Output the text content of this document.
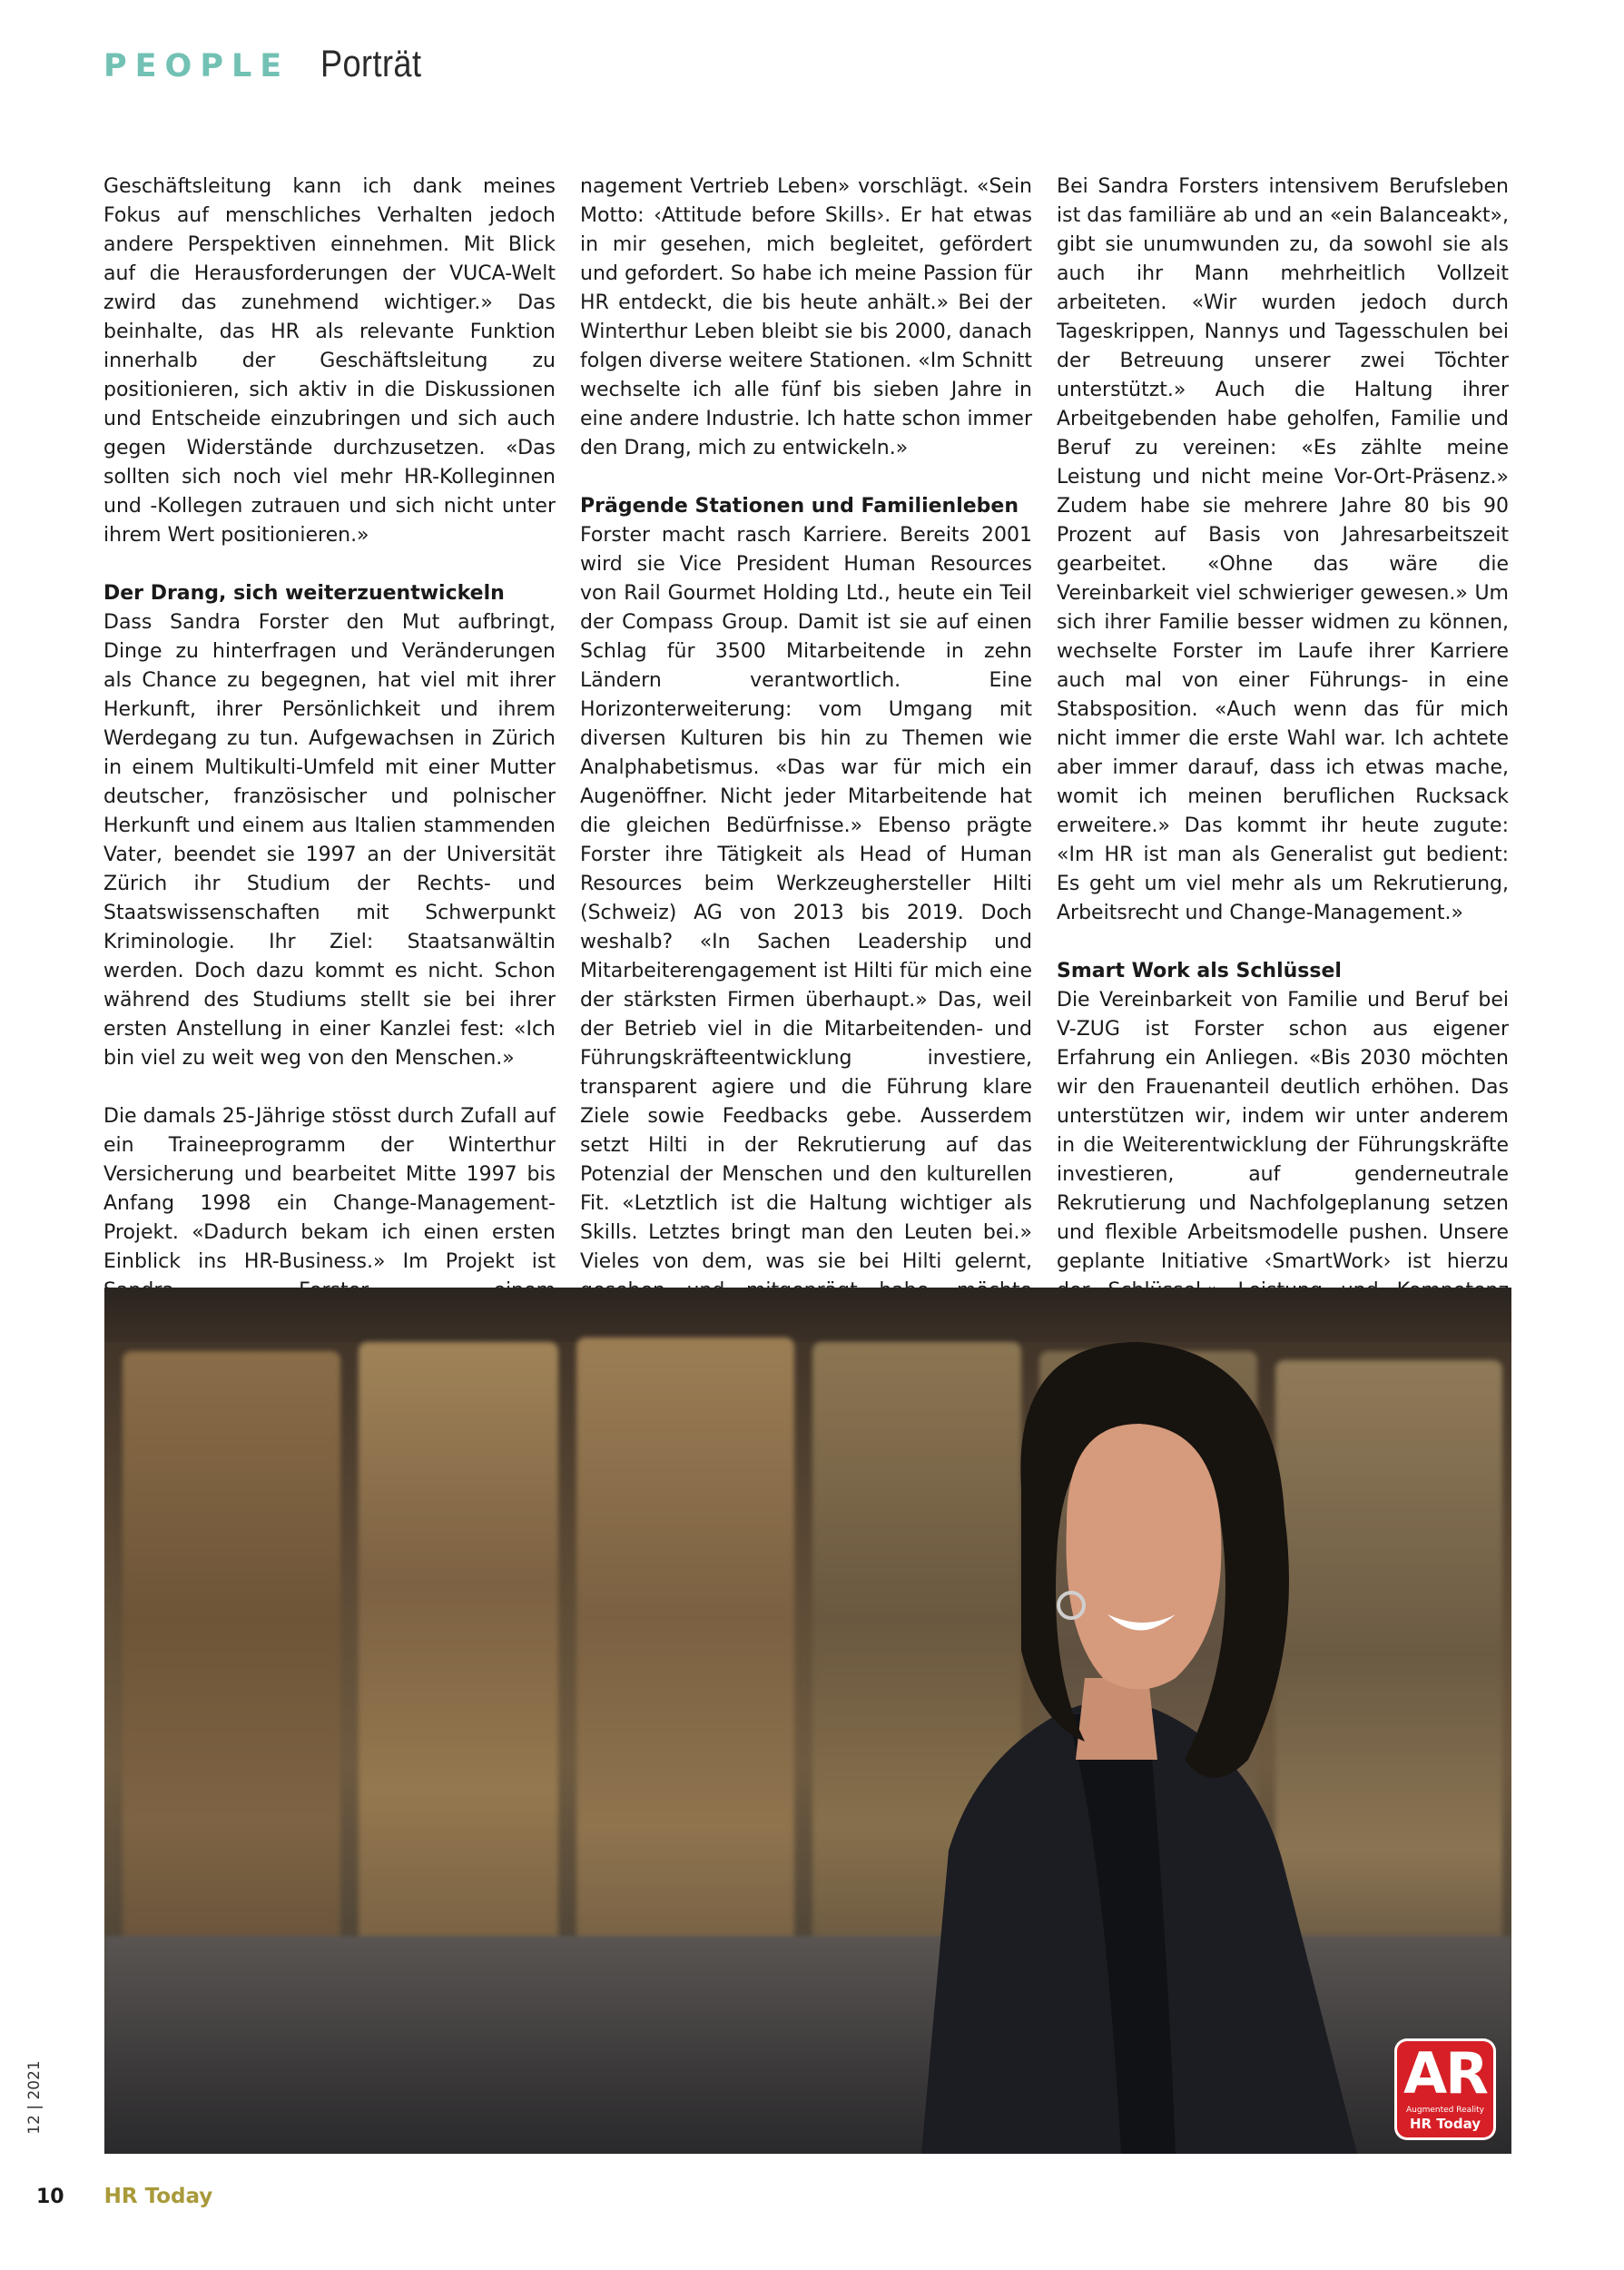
PEOPLE Porträt

Geschäftsleitung kann ich dank meines Fokus auf menschliches Verhalten jedoch andere Perspektiven einnehmen. Mit Blick auf die Herausforderungen der VUCA-Welt zwird das zunehmend wichtiger.» Das beinhalte, das HR als relevante Funktion innerhalb der Geschäftsleitung zu positionieren, sich aktiv in die Diskussionen und Entscheide einzubringen und sich auch gegen Widerstände durchzusetzen. «Das sollten sich noch viel mehr HR-Kolleginnen und -Kollegen zutrauen und sich nicht unter ihrem Wert positionieren.»

Der Drang, sich weiterzuentwickeln

Dass Sandra Forster den Mut aufbringt, Dinge zu hinterfragen und Veränderungen als Chance zu begegnen, hat viel mit ihrer Herkunft, ihrer Persönlichkeit und ihrem Werdegang zu tun. Aufgewachsen in Zürich in einem Multikulti-Umfeld mit einer Mutter deutscher, französischer und polnischer Herkunft und einem aus Italien stammenden Vater, beendet sie 1997 an der Universität Zürich ihr Studium der Rechts- und Staatswissenschaften mit Schwerpunkt Kriminologie. Ihr Ziel: Staatsanwältin werden. Doch dazu kommt es nicht. Schon während des Studiums stellt sie bei ihrer ersten Anstellung in einer Kanzlei fest: «Ich bin viel zu weit weg von den Menschen.»

Die damals 25-Jährige stösst durch Zufall auf ein Traineeprogramm der Winterthur Versicherung und bearbeitet Mitte 1997 bis Anfang 1998 ein Change-Management-Projekt. «Dadurch bekam ich einen ersten Einblick ins HR-Business.» Im Projekt ist

nagement Vertrieb Leben» vorschlägt. «Sein Motto: ‹Attitude before Skills›. Er hat etwas in mir gesehen, mich begleitet, gefördert und gefordert. So habe ich meine Passion für HR entdeckt, die bis heute anhält.» Bei der Winterthur Leben bleibt sie bis 2000, danach folgen diverse weitere Stationen. «Im Schnitt wechselte ich alle fünf bis sieben Jahre in eine andere Industrie. Ich hatte schon immer den Drang, mich zu entwickeln.»

Prägende Stationen und Familienleben

Forster macht rasch Karriere. Bereits 2001 wird sie Vice President Human Resources von Rail Gourmet Holding Ltd., heute ein Teil der Compass Group. Damit ist sie auf einen Schlag für 3500 Mitarbeitende in zehn Ländern verantwortlich. Eine Horizonterweiterung: vom Umgang mit diversen Kulturen bis hin zu Themen wie Analphabetismus. «Das war für mich ein Augenöffner. Nicht jeder Mitarbeitende hat die gleichen Bedürfnisse.» Ebenso prägte Forster ihre Tätigkeit als Head of Human Resources beim Werkzeughersteller Hilti (Schweiz) AG von 2013 bis 2019. Doch weshalb? «In Sachen Leadership und Mitarbeiterengagement ist Hilti für mich eine der stärksten Firmen überhaupt.» Das, weil der Betrieb viel in die Mitarbeitenden- und Führungskräfteentwicklung investiere, transparent agiere und die Führung klare Ziele sowie Feedbacks gebe. Ausserdem setzt Hilti in der Rekrutierung auf das Potenzial der Menschen und den kulturellen Fit. «Letztlich ist die Haltung wichtiger als Skills. Letztes bringt man den Leuten bei.» Vieles von dem, was sie bei Hilti gelernt,

Bei Sandra Forsters intensivem Berufsleben ist das familiäre ab und an «ein Balanceakt», gibt sie unumwunden zu, da sowohl sie als auch ihr Mann mehrheitlich Vollzeit arbeiteten. «Wir wurden jedoch durch Tageskrippen, Nannys und Tagesschulen bei der Betreuung unserer zwei Töchter unterstützt.» Auch die Haltung ihrer Arbeitgebenden habe geholfen, Familie und Beruf zu vereinen: «Es zählte meine Leistung und nicht meine Vor-Ort-Präsenz.» Zudem habe sie mehrere Jahre 80 bis 90 Prozent auf Basis von Jahresarbeitszeit gearbeitet. «Ohne das wäre die Vereinbarkeit viel schwieriger gewesen.» Um sich ihrer Familie besser widmen zu können, wechselte Forster im Laufe ihrer Karriere auch mal von einer Führungs- in eine Stabsposition. «Auch wenn das für mich nicht immer die erste Wahl war. Ich achtete aber immer darauf, dass ich etwas mache, womit ich meinen beruflichen Rucksack erweitere.» Das kommt ihr heute zugute: «Im HR ist man als Generalist gut bedient: Es geht um viel mehr als um Rekrutierung, Arbeitsrecht und Change-Management.»

Smart Work als Schlüssel

Die Vereinbarkeit von Familie und Beruf bei V-ZUG ist Forster schon aus eigener Erfahrung ein Anliegen. «Bis 2030 möchten wir den Frauenanteil deutlich erhöhen. Das unterstützen wir, indem wir unter anderem in die Weiterentwicklung der Führungskräfte investieren, auf genderneutrale Rekrutierung und Nachfolgeplanung setzen und flexible Arbeitsmodelle pushen. Unsere geplante Initiative ‹SmartWork› ist hierzu

AR
Augmented Reality
HR Today
12 | 2021
10 HR Today
